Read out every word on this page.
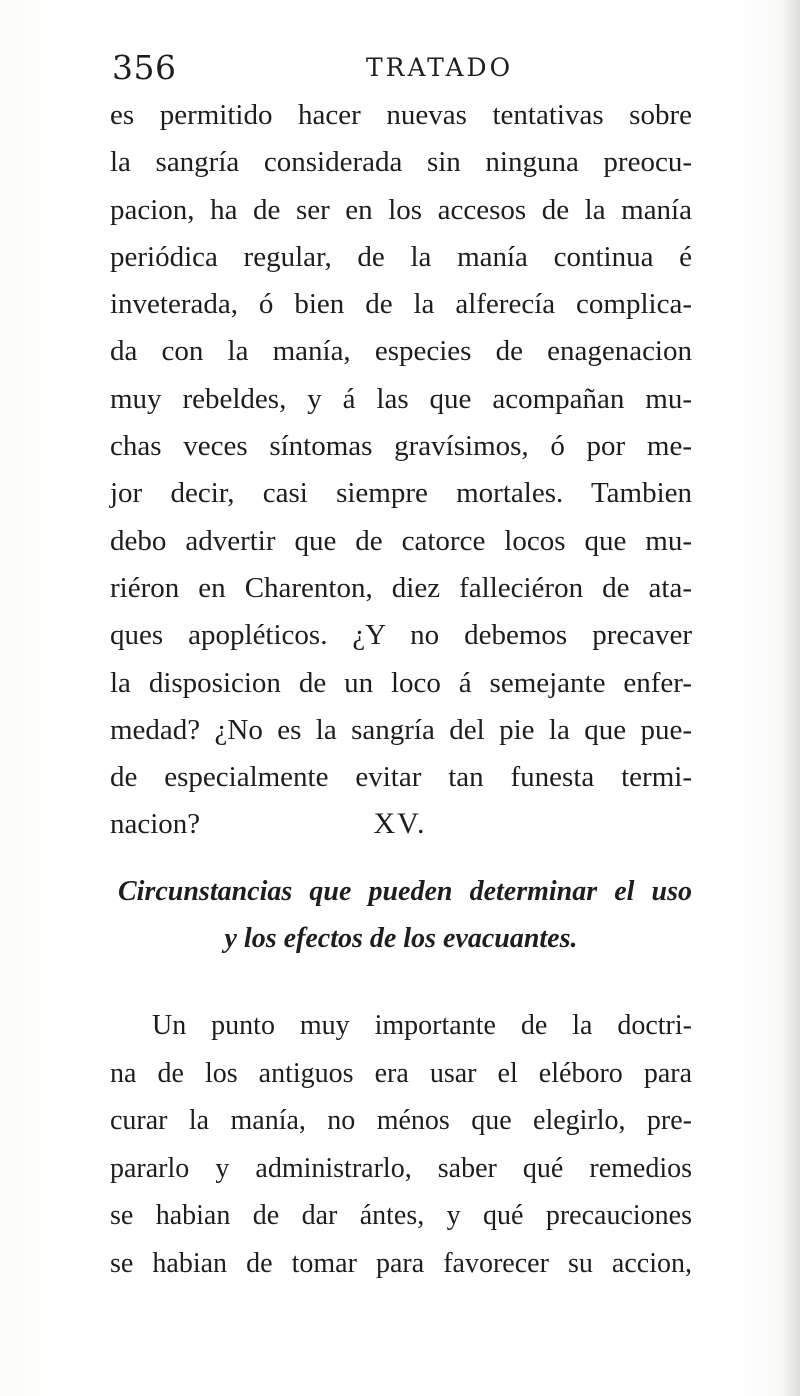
356	TRATADO
es permitido hacer nuevas tentativas sobre
la sangría considerada sin ninguna preocu-
pacion, ha de ser en los accesos de la manía
periódica regular, de la manía continua é
inveterada, ó bien de la alferecía complica-
da con la manía, especies de enagenacion
muy rebeldes, y á las que acompañan mu-
chas veces síntomas gravísimos, ó por me-
jor decir, casi siempre mortales. Tambien
debo advertir que de catorce locos que mu-
riéron en Charenton, diez falleciéron de ata-
ques apopléticos. ¿Y no debemos precaver
la disposicion de un loco á semejante enfer-
medad? ¿No es la sangría del pie la que pue-
de especialmente evitar tan funesta termi-
nacion?	XV.
Circunstancias que pueden determinar el uso
y los efectos de los evacuantes.
Un punto muy importante de la doctri-
na de los antiguos era usar el eléboro para
curar la manía, no ménos que elegirlo, pre-
pararlo y administrarlo, saber qué remedios
se habian de dar ántes, y qué precauciones
se habian de tomar para favorecer su accion,
